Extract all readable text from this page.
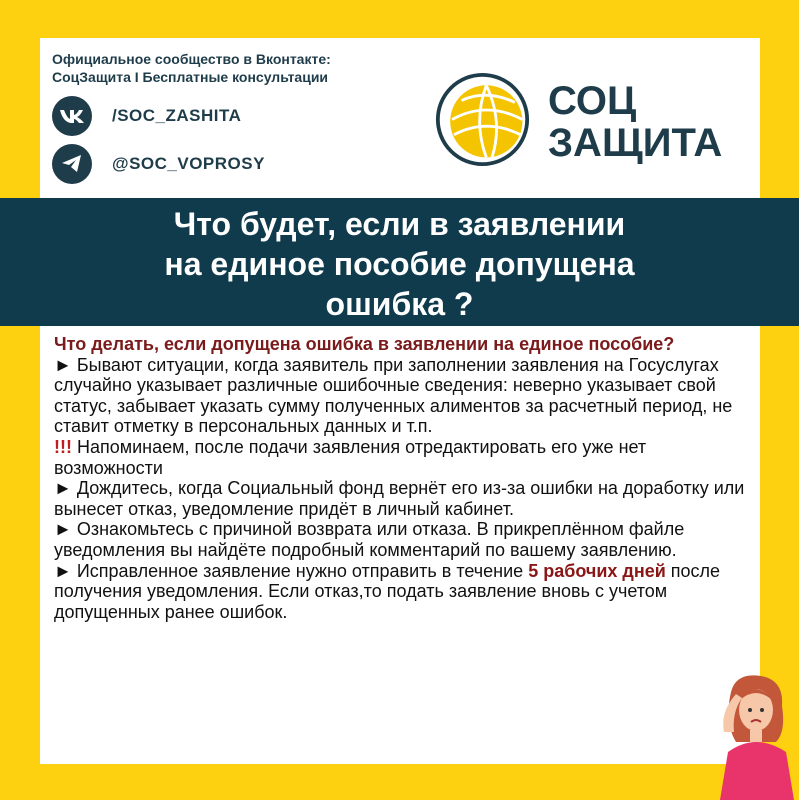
Официальное сообщество в Вконтакте:
СоцЗащита I Бесплатные консультации
/SOC_ZASHITA
@SOC_VOPROSY
СОЦ
ЗАЩИТА
Что будет, если в заявлении
на единое пособие допущена
ошибка ?
Что делать, если допущена ошибка в заявлении на единое пособие?
► Бывают ситуации, когда заявитель при заполнении заявления на Госуслугах случайно указывает различные ошибочные сведения: неверно указывает свой статус, забывает указать сумму полученных алиментов за расчетный период, не ставит отметку в персональных данных и т.п.
!!! Напоминаем, после подачи заявления отредактировать его уже нет возможности
► Дождитесь, когда Социальный фонд вернёт его из-за ошибки на доработку или вынесет отказ, уведомление придёт в личный кабинет.
► Ознакомьтесь с причиной возврата или отказа. В прикреплённом файле уведомления вы найдёте подробный комментарий по вашему заявлению.
► Исправленное заявление нужно отправить в течение 5 рабочих дней после получения уведомления. Если отказ,то подать заявление вновь с учетом допущенных ранее ошибок.
